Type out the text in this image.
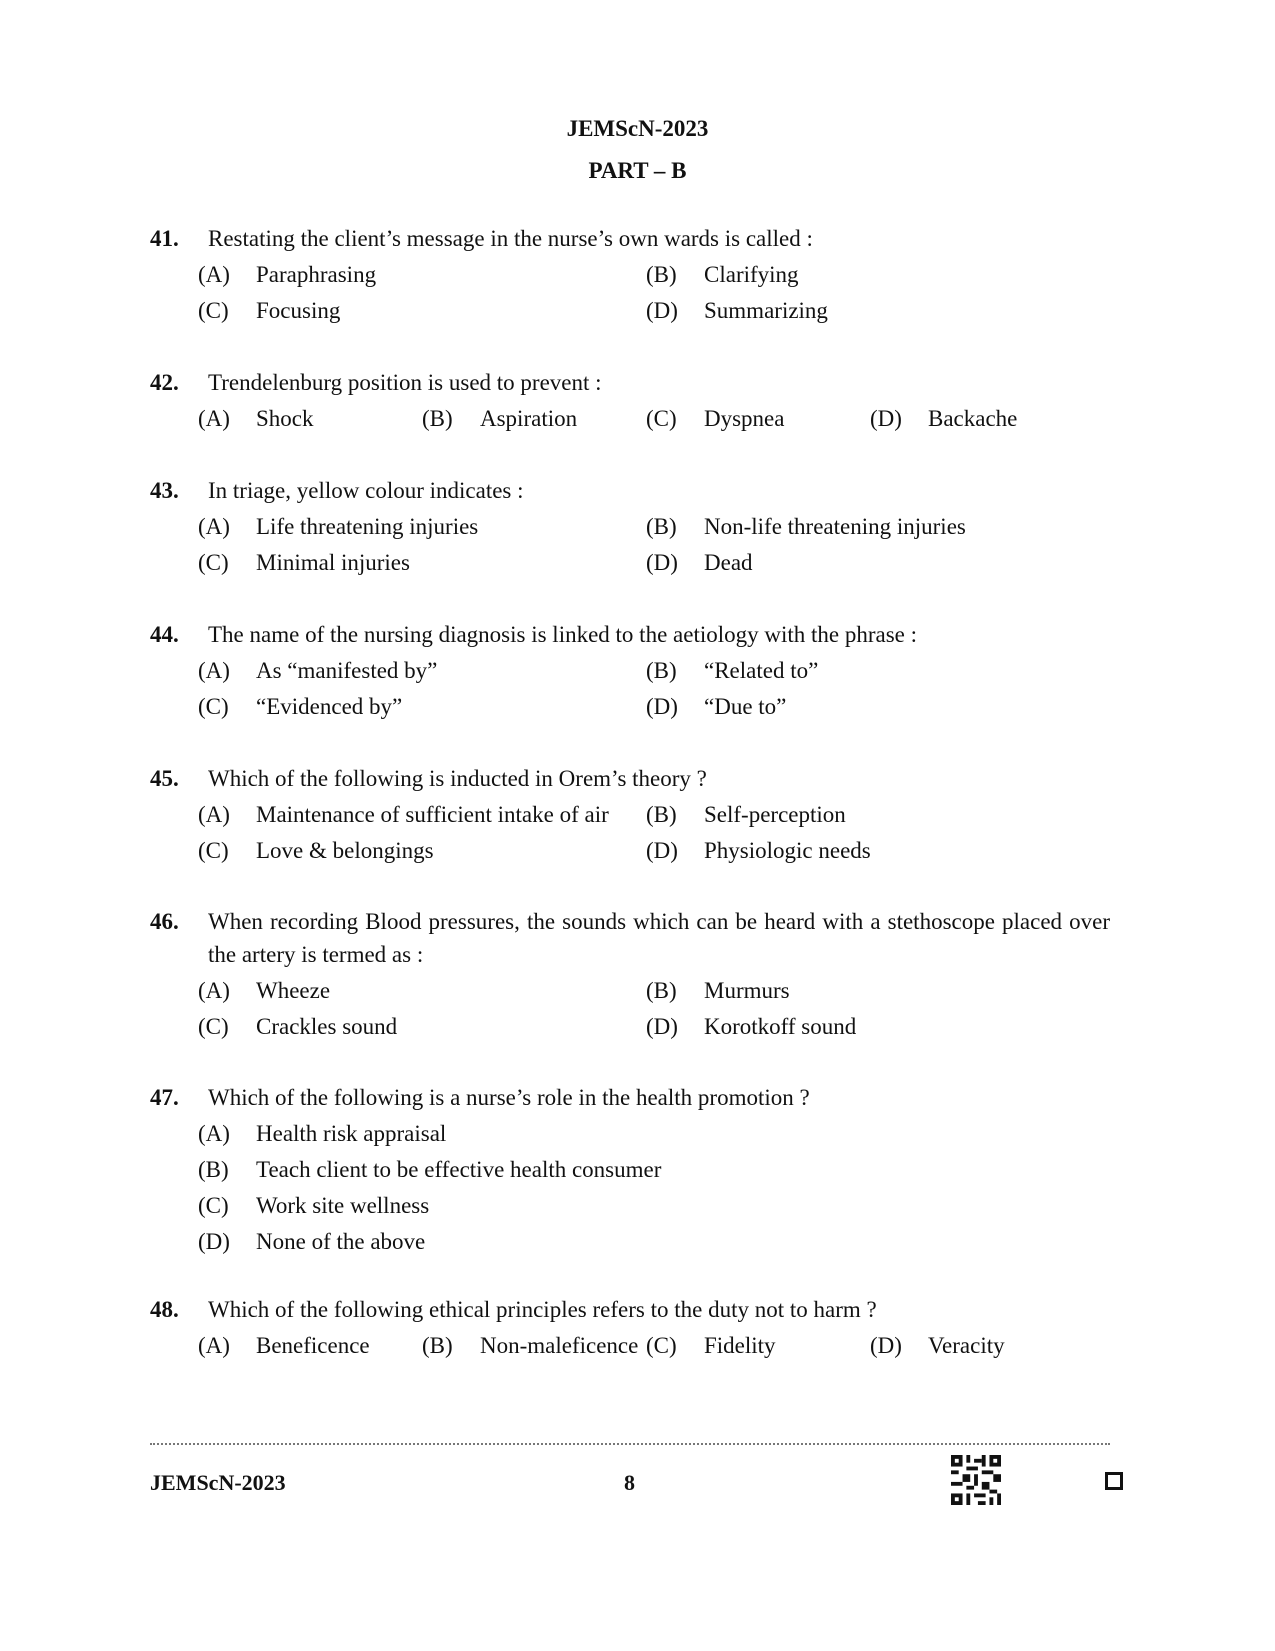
JEMScN-2023
PART – B
41. Restating the client’s message in the nurse’s own wards is called :
(A) Paraphrasing	(B) Clarifying
(C) Focusing	(D) Summarizing
42. Trendelenburg position is used to prevent :
(A) Shock	(B) Aspiration	(C) Dyspnea	(D) Backache
43. In triage, yellow colour indicates :
(A) Life threatening injuries	(B) Non-life threatening injuries
(C) Minimal injuries	(D) Dead
44. The name of the nursing diagnosis is linked to the aetiology with the phrase :
(A) As “manifested by”	(B) “Related to”
(C) “Evidenced by”	(D) “Due to”
45. Which of the following is inducted in Orem’s theory ?
(A) Maintenance of sufficient intake of air (B) Self-perception
(C) Love & belongings	(D) Physiologic needs
46. When recording Blood pressures, the sounds which can be heard with a stethoscope placed over the artery is termed as :
(A) Wheeze	(B) Murmurs
(C) Crackles sound	(D) Korotkoff sound
47. Which of the following is a nurse’s role in the health promotion ?
(A) Health risk appraisal
(B) Teach client to be effective health consumer
(C) Work site wellness
(D) None of the above
48. Which of the following ethical principles refers to the duty not to harm ?
(A) Beneficence (B) Non-maleficence (C) Fidelity	(D) Veracity
JEMScN-2023	8
